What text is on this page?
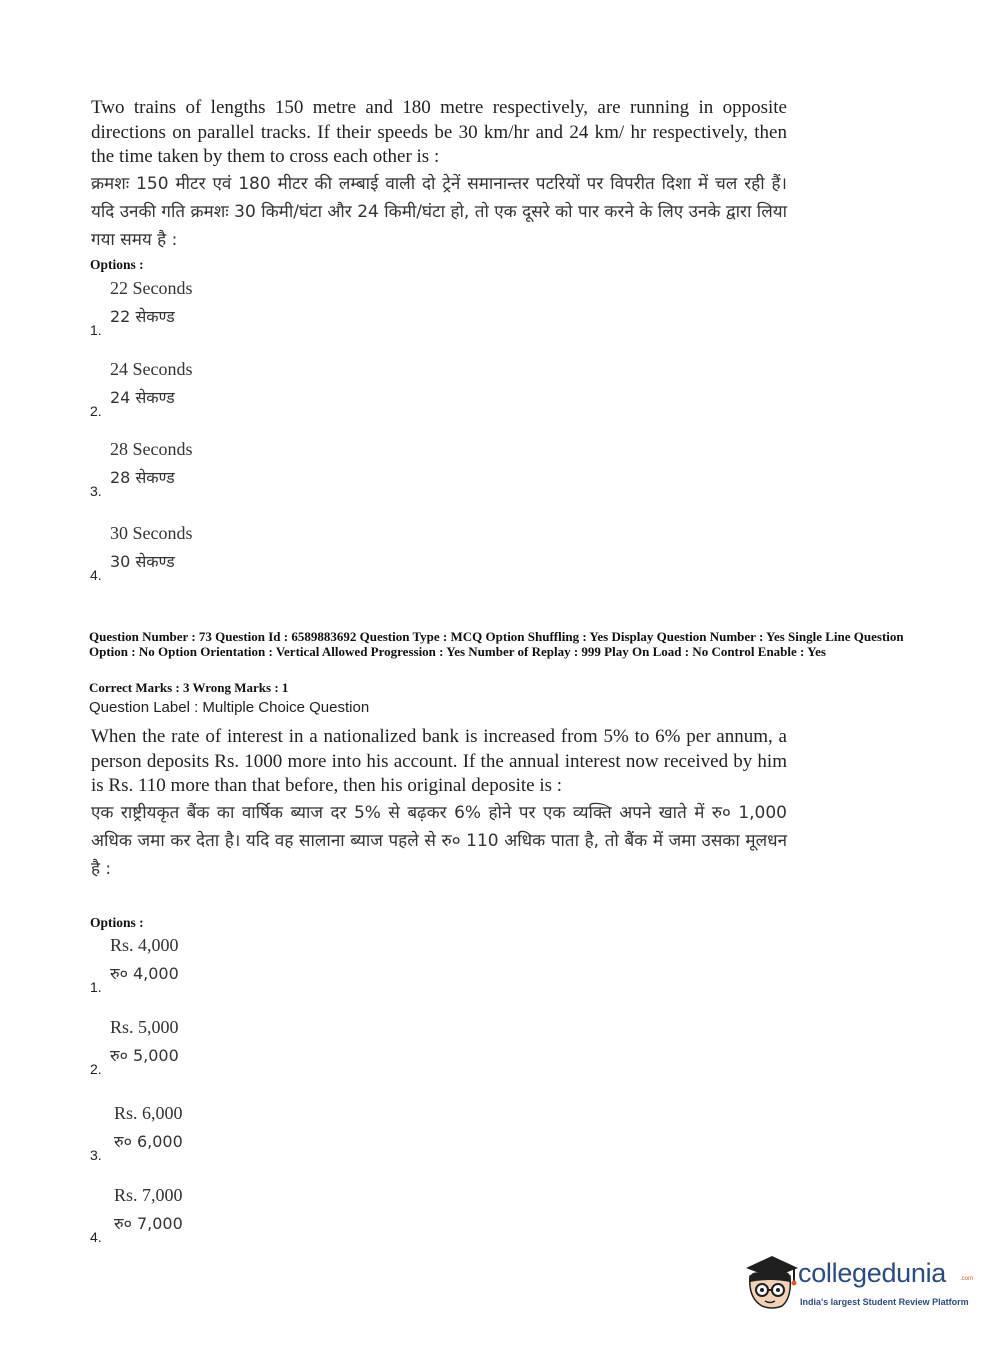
Two trains of lengths 150 metre and 180 metre respectively, are running in opposite directions on parallel tracks. If their speeds be 30 km/hr and 24 km/ hr respectively, then the time taken by them to cross each other is :

क्रमशः 150 मीटर एवं 180 मीटर की लम्बाई वाली दो ट्रेनें समानान्तर पटरियों पर विपरीत दिशा में चल रही हैं। यदि उनकी गति क्रमशः 30 किमी/घंटा और 24 किमी/घंटा हो, तो एक दूसरे को पार करने के लिए उनके द्वारा लिया गया समय है :

Options :
22 Seconds
22 सेकण्ड
1.
24 Seconds
24 सेकण्ड
2.
28 Seconds
28 सेकण्ड
3.
30 Seconds
30 सेकण्ड
4.
Question Number : 73 Question Id : 6589883692 Question Type : MCQ Option Shuffling : Yes Display Question Number : Yes Single Line Question Option : No Option Orientation : Vertical Allowed Progression : Yes Number of Replay : 999 Play On Load : No Control Enable : Yes
Correct Marks : 3 Wrong Marks : 1
Question Label : Multiple Choice Question

When the rate of interest in a nationalized bank is increased from 5% to 6% per annum, a person deposits Rs. 1000 more into his account. If the annual interest now received by him is Rs. 110 more than that before, then his original deposite is :

एक राष्ट्रीयकृत बैंक का वार्षिक ब्याज दर 5% से बढ़कर 6% होने पर एक व्यक्ति अपने खाते में रु० 1,000 अधिक जमा कर देता है। यदि वह सालाना ब्याज पहले से रु० 110 अधिक पाता है, तो बैंक में जमा उसका मूलधन है :

Options :
Rs. 4,000
रु० 4,000
1.
Rs. 5,000
रु० 5,000
2.
Rs. 6,000
रु० 6,000
3.
Rs. 7,000
रु० 7,000
4.
collegedunia .com
India's largest Student Review Platform
